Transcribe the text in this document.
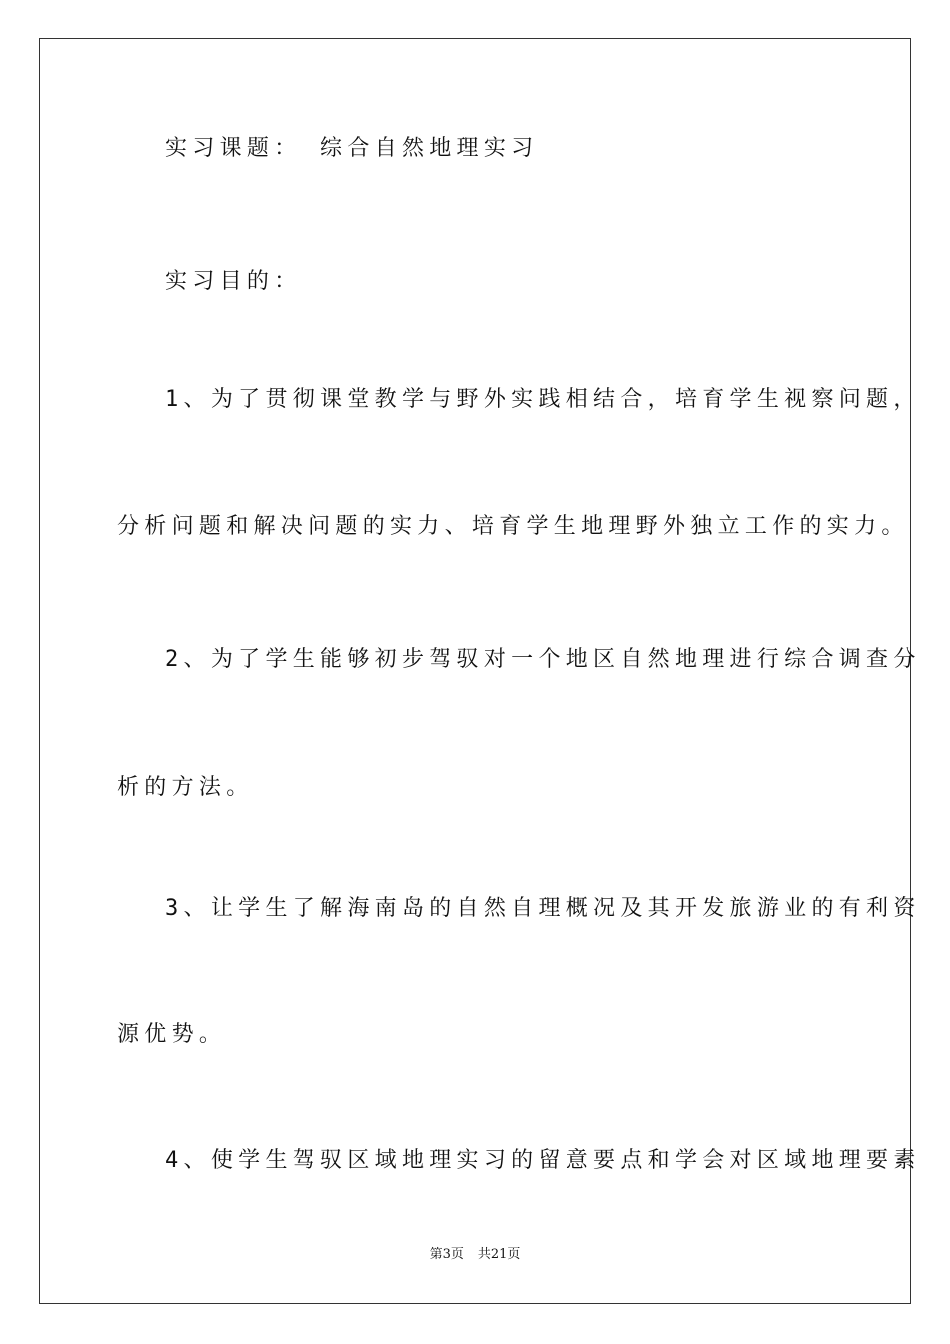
实习课题： 综合自然地理实习
实习目的：
1、为了贯彻课堂教学与野外实践相结合，培育学生视察问题，
分析问题和解决问题的实力、培育学生地理野外独立工作的实力。
2、为了学生能够初步驾驭对一个地区自然地理进行综合调查分
析的方法。
3、让学生了解海南岛的自然自理概况及其开发旅游业的有利资
源优势。
4、使学生驾驭区域地理实习的留意要点和学会对区域地理要素
第3页 共21页
